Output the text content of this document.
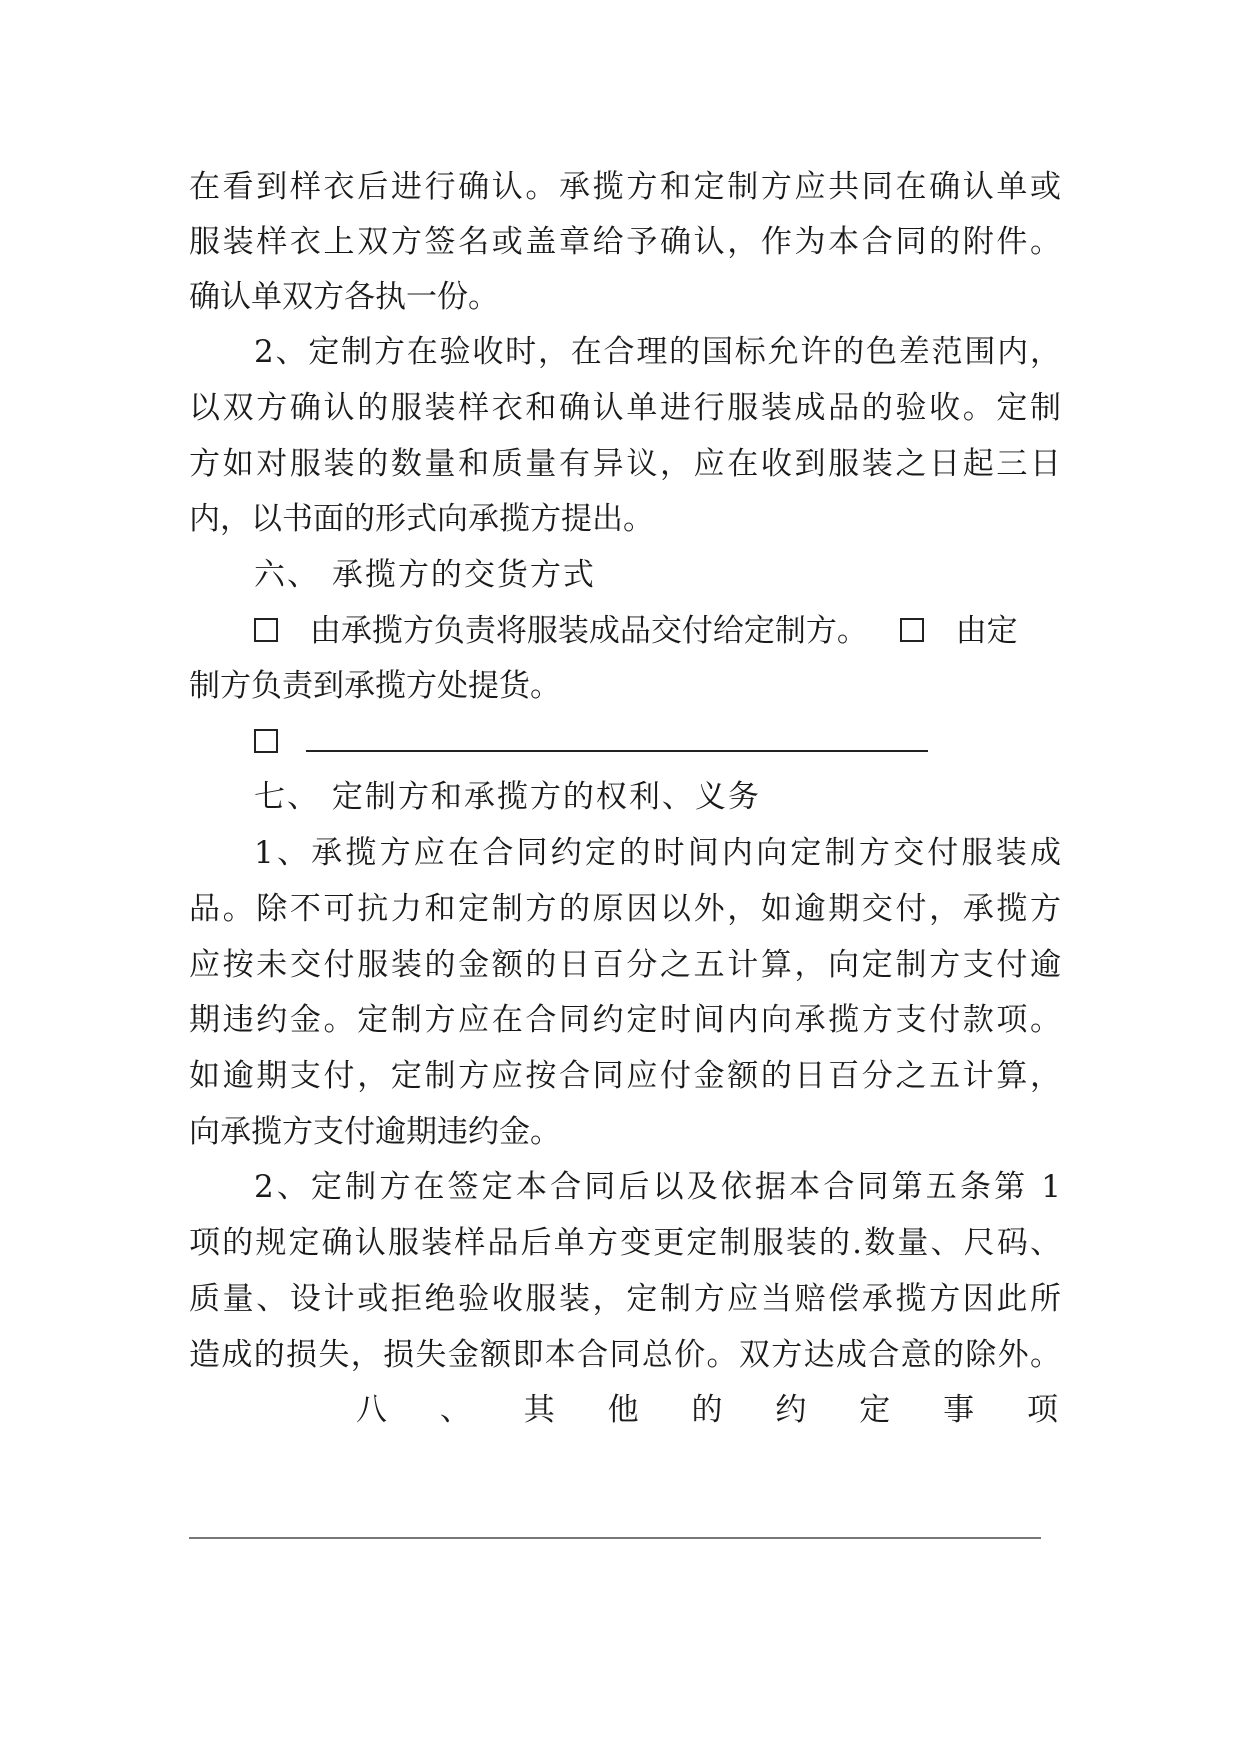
在看到样衣后进行确认。承揽方和定制方应共同在确认单或
服装样衣上双方签名或盖章给予确认，作为本合同的附件。
确认单双方各执一份。
2、定制方在验收时，在合理的国标允许的色差范围内，
以双方确认的服装样衣和确认单进行服装成品的验收。定制
方如对服装的数量和质量有异议，应在收到服装之日起三日
内，以书面的形式向承揽方提出。
六、 承揽方的交货方式
由承揽方负责将服装成品交付给定制方。	由定
制方负责到承揽方处提货。

七、 定制方和承揽方的权利、义务
1、承揽方应在合同约定的时间内向定制方交付服装成
品。除不可抗力和定制方的原因以外，如逾期交付，承揽方
应按未交付服装的金额的日百分之五计算，向定制方支付逾
期违约金。定制方应在合同约定时间内向承揽方支付款项。
如逾期支付，定制方应按合同应付金额的日百分之五计算，
向承揽方支付逾期违约金。
2、定制方在签定本合同后以及依据本合同第五条第 1
项的规定确认服装样品后单方变更定制服装的.数量、尺码、
质量、设计或拒绝验收服装，定制方应当赔偿承揽方因此所
造成的损失，损失金额即本合同总价。双方达成合意的除外。
八 、 其 他 的 约 定 事 项
